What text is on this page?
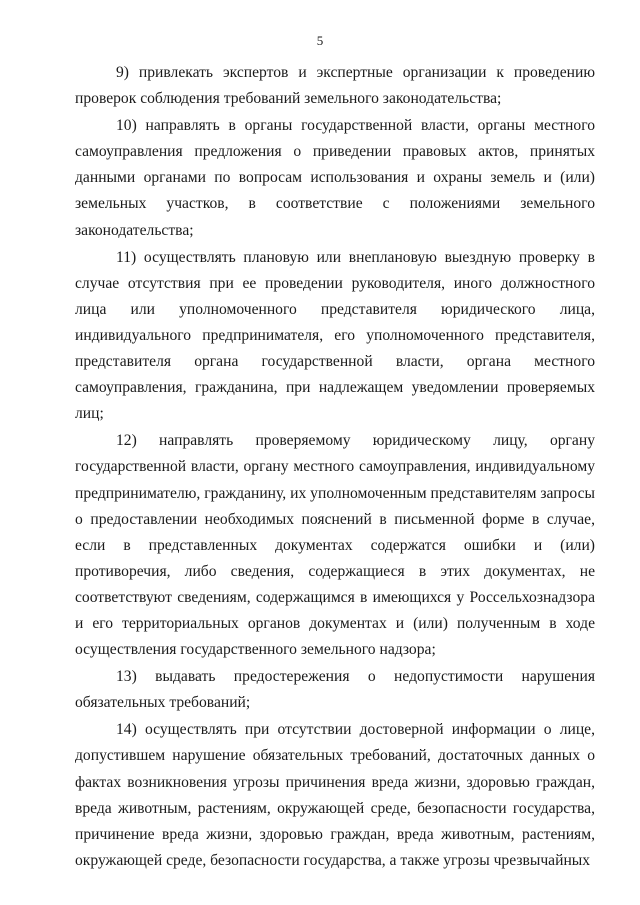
5

9) привлекать экспертов и экспертные организации к проведению проверок соблюдения требований земельного законодательства;

10) направлять в органы государственной власти, органы местного самоуправления предложения о приведении правовых актов, принятых данными органами по вопросам использования и охраны земель и (или) земельных участков, в соответствие с положениями земельного законодательства;

11) осуществлять плановую или внеплановую выездную проверку в случае отсутствия при ее проведении руководителя, иного должностного лица или уполномоченного представителя юридического лица, индивидуального предпринимателя, его уполномоченного представителя, представителя органа государственной власти, органа местного самоуправления, гражданина, при надлежащем уведомлении проверяемых лиц;

12) направлять проверяемому юридическому лицу, органу государственной власти, органу местного самоуправления, индивидуальному предпринимателю, гражданину, их уполномоченным представителям запросы о предоставлении необходимых пояснений в письменной форме в случае, если в представленных документах содержатся ошибки и (или) противоречия, либо сведения, содержащиеся в этих документах, не соответствуют сведениям, содержащимся в имеющихся у Россельхознадзора и его территориальных органов документах и (или) полученным в ходе осуществления государственного земельного надзора;

13) выдавать предостережения о недопустимости нарушения обязательных требований;

14) осуществлять при отсутствии достоверной информации о лице, допустившем нарушение обязательных требований, достаточных данных о фактах возникновения угрозы причинения вреда жизни, здоровью граждан, вреда животным, растениям, окружающей среде, безопасности государства, причинение вреда жизни, здоровью граждан, вреда животным, растениям, окружающей среде, безопасности государства, а также угрозы чрезвычайных
